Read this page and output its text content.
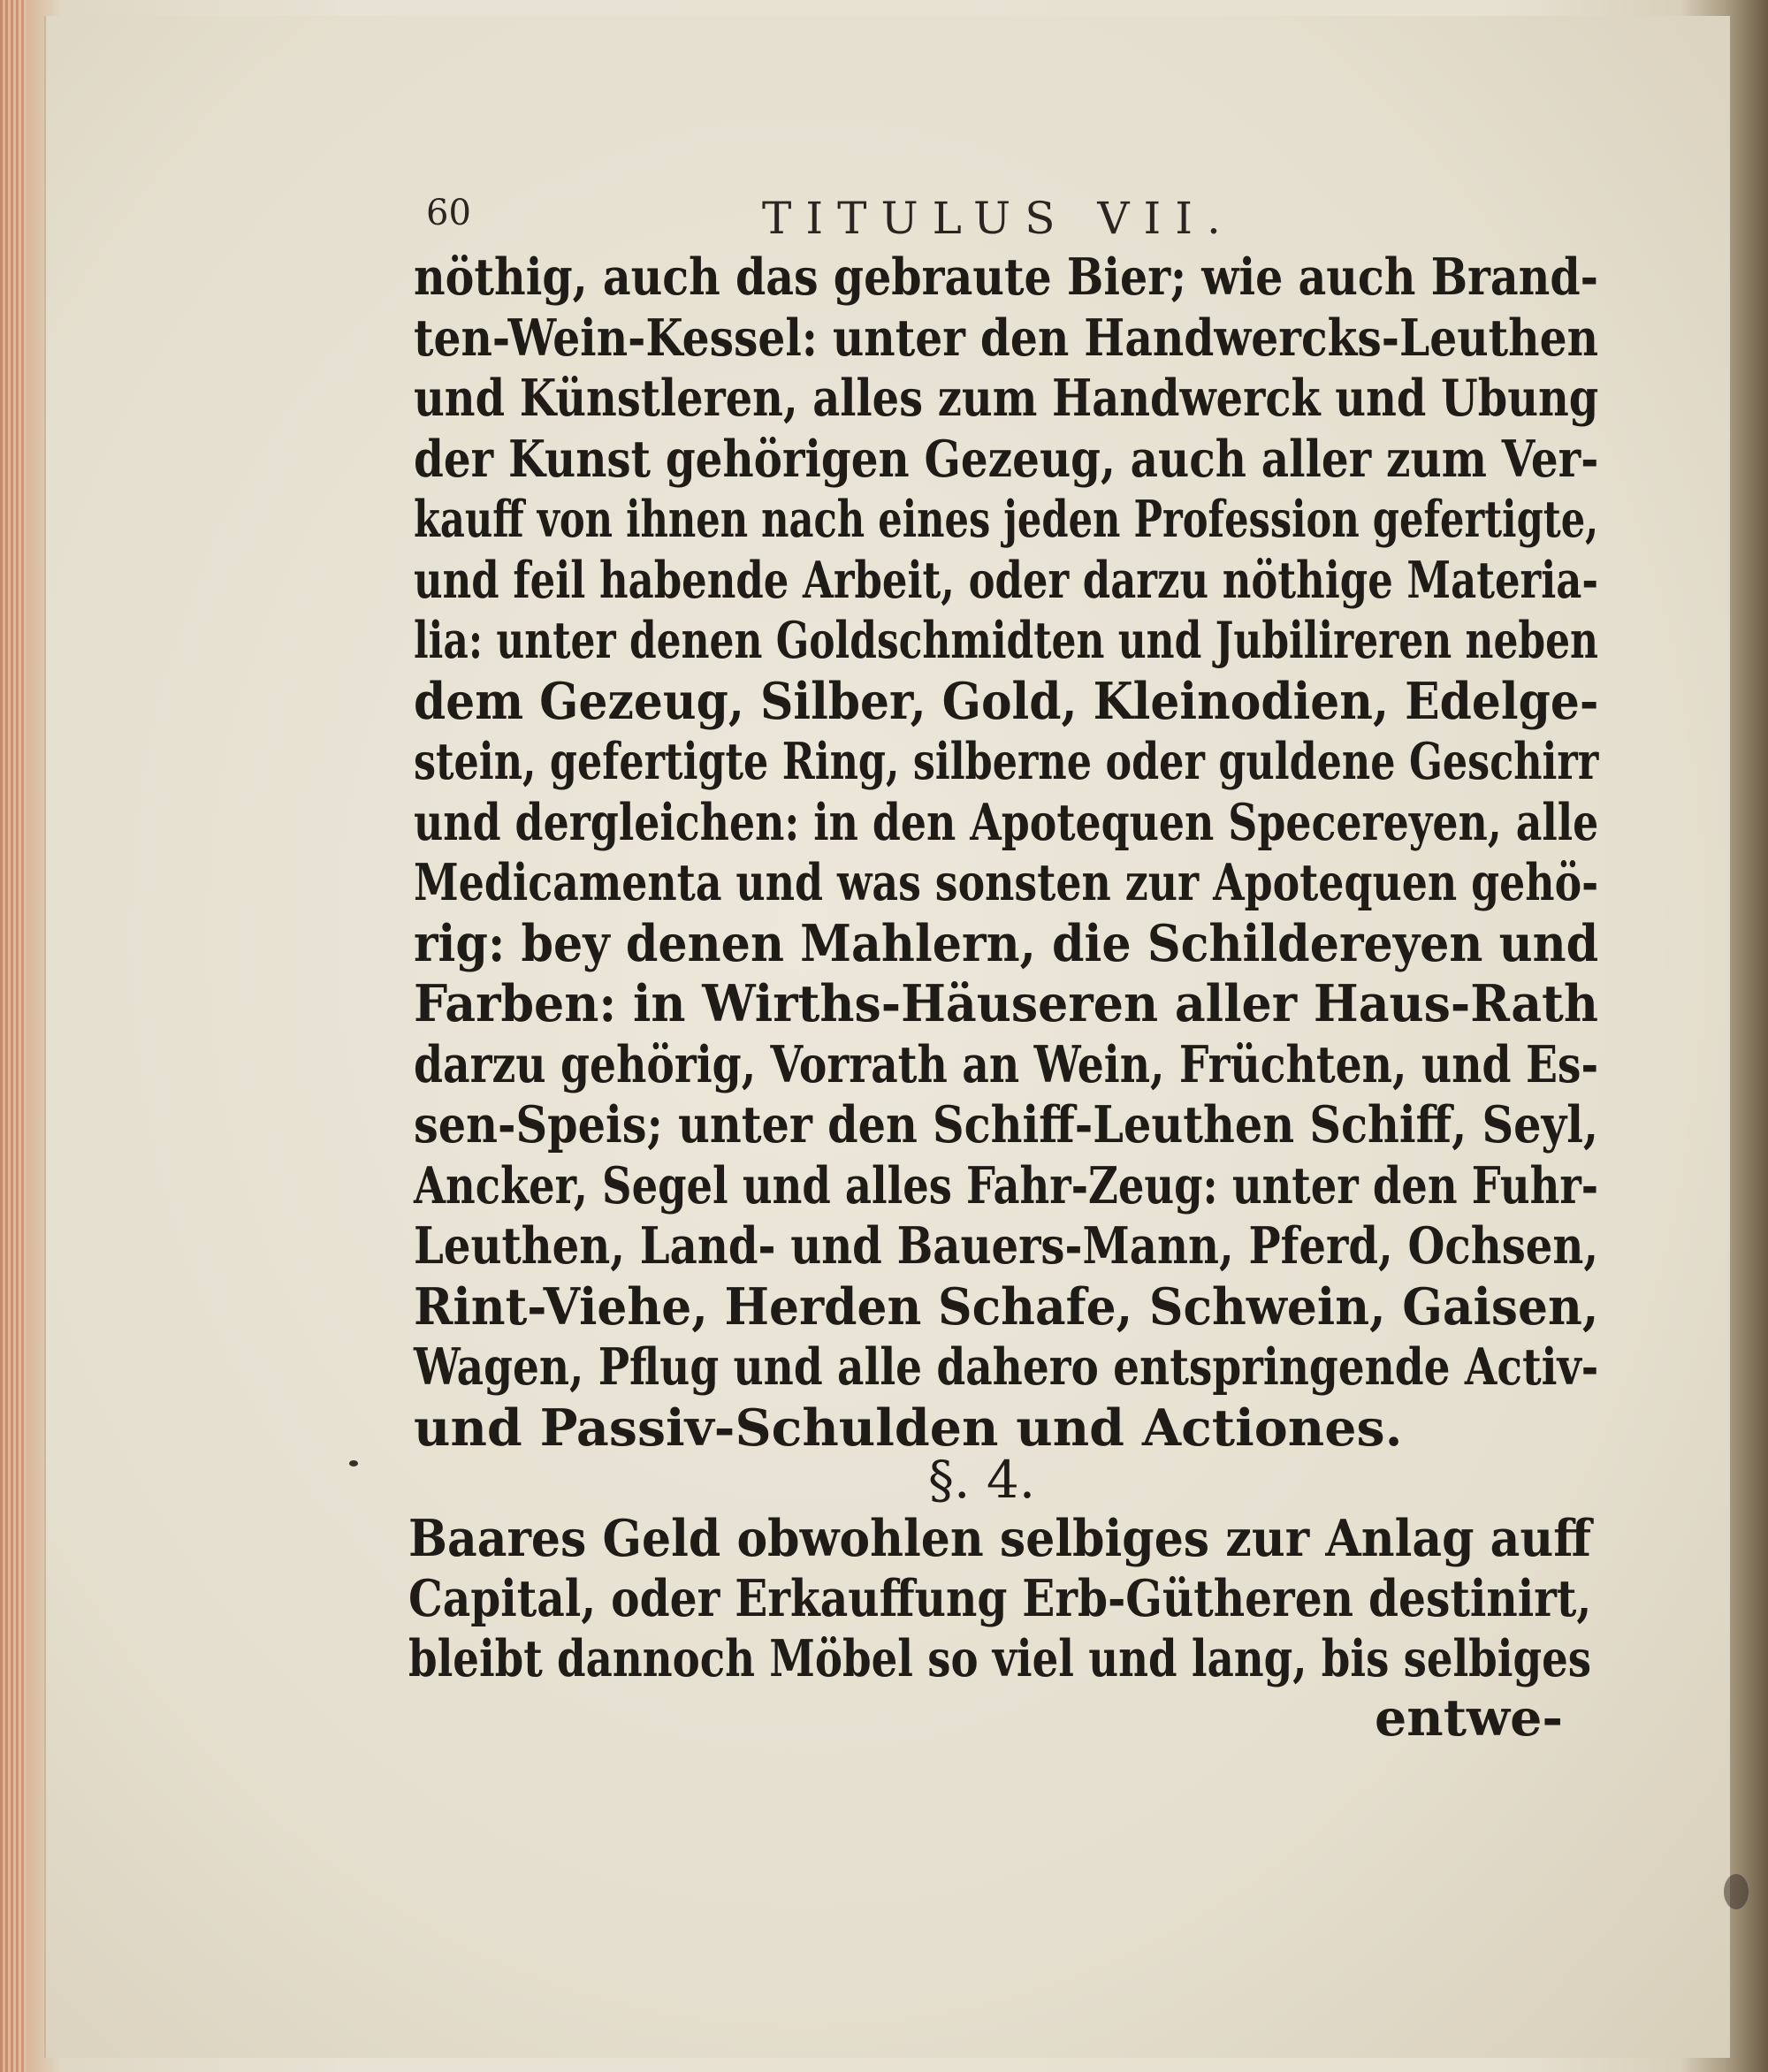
60	TITULUS VII.
nöthig, auch das gebraute Bier; wie auch Brand-
ten-Wein-Kessel: unter den Handwercks-Leuthen
und Künstleren, alles zum Handwerck und Ubung
der Kunst gehörigen Gezeug, auch aller zum Ver-
kauff von ihnen nach eines jeden Profession gefertigte,
und feil habende Arbeit, oder darzu nöthige Materia-
lia: unter denen Goldschmidten und Jubilireren neben
dem Gezeug, Silber, Gold, Kleinodien, Edelge-
stein, gefertigte Ring, silberne oder guldene Geschirr
und dergleichen: in den Apotequen Specereyen, alle
Medicamenta und was sonsten zur Apotequen gehö-
rig: bey denen Mahlern, die Schildereyen und
Farben: in Wirths-Häuseren aller Haus-Rath
darzu gehörig, Vorrath an Wein, Früchten, und Es-
sen-Speis; unter den Schiff-Leuthen Schiff, Seyl,
Ancker, Segel und alles Fahr-Zeug: unter den Fuhr-
Leuthen, Land- und Bauers-Mann, Pferd, Ochsen,
Rint-Viehe, Herden Schafe, Schwein, Gaisen,
Wagen, Pflug und alle dahero entspringende Activ-
und Passiv-Schulden und Actiones.
§. 4.
Baares Geld obwohlen selbiges zur Anlag auff
Capital, oder Erkauffung Erb-Gütheren destinirt,
bleibt dannoch Möbel so viel und lang, bis selbiges
entwe-
